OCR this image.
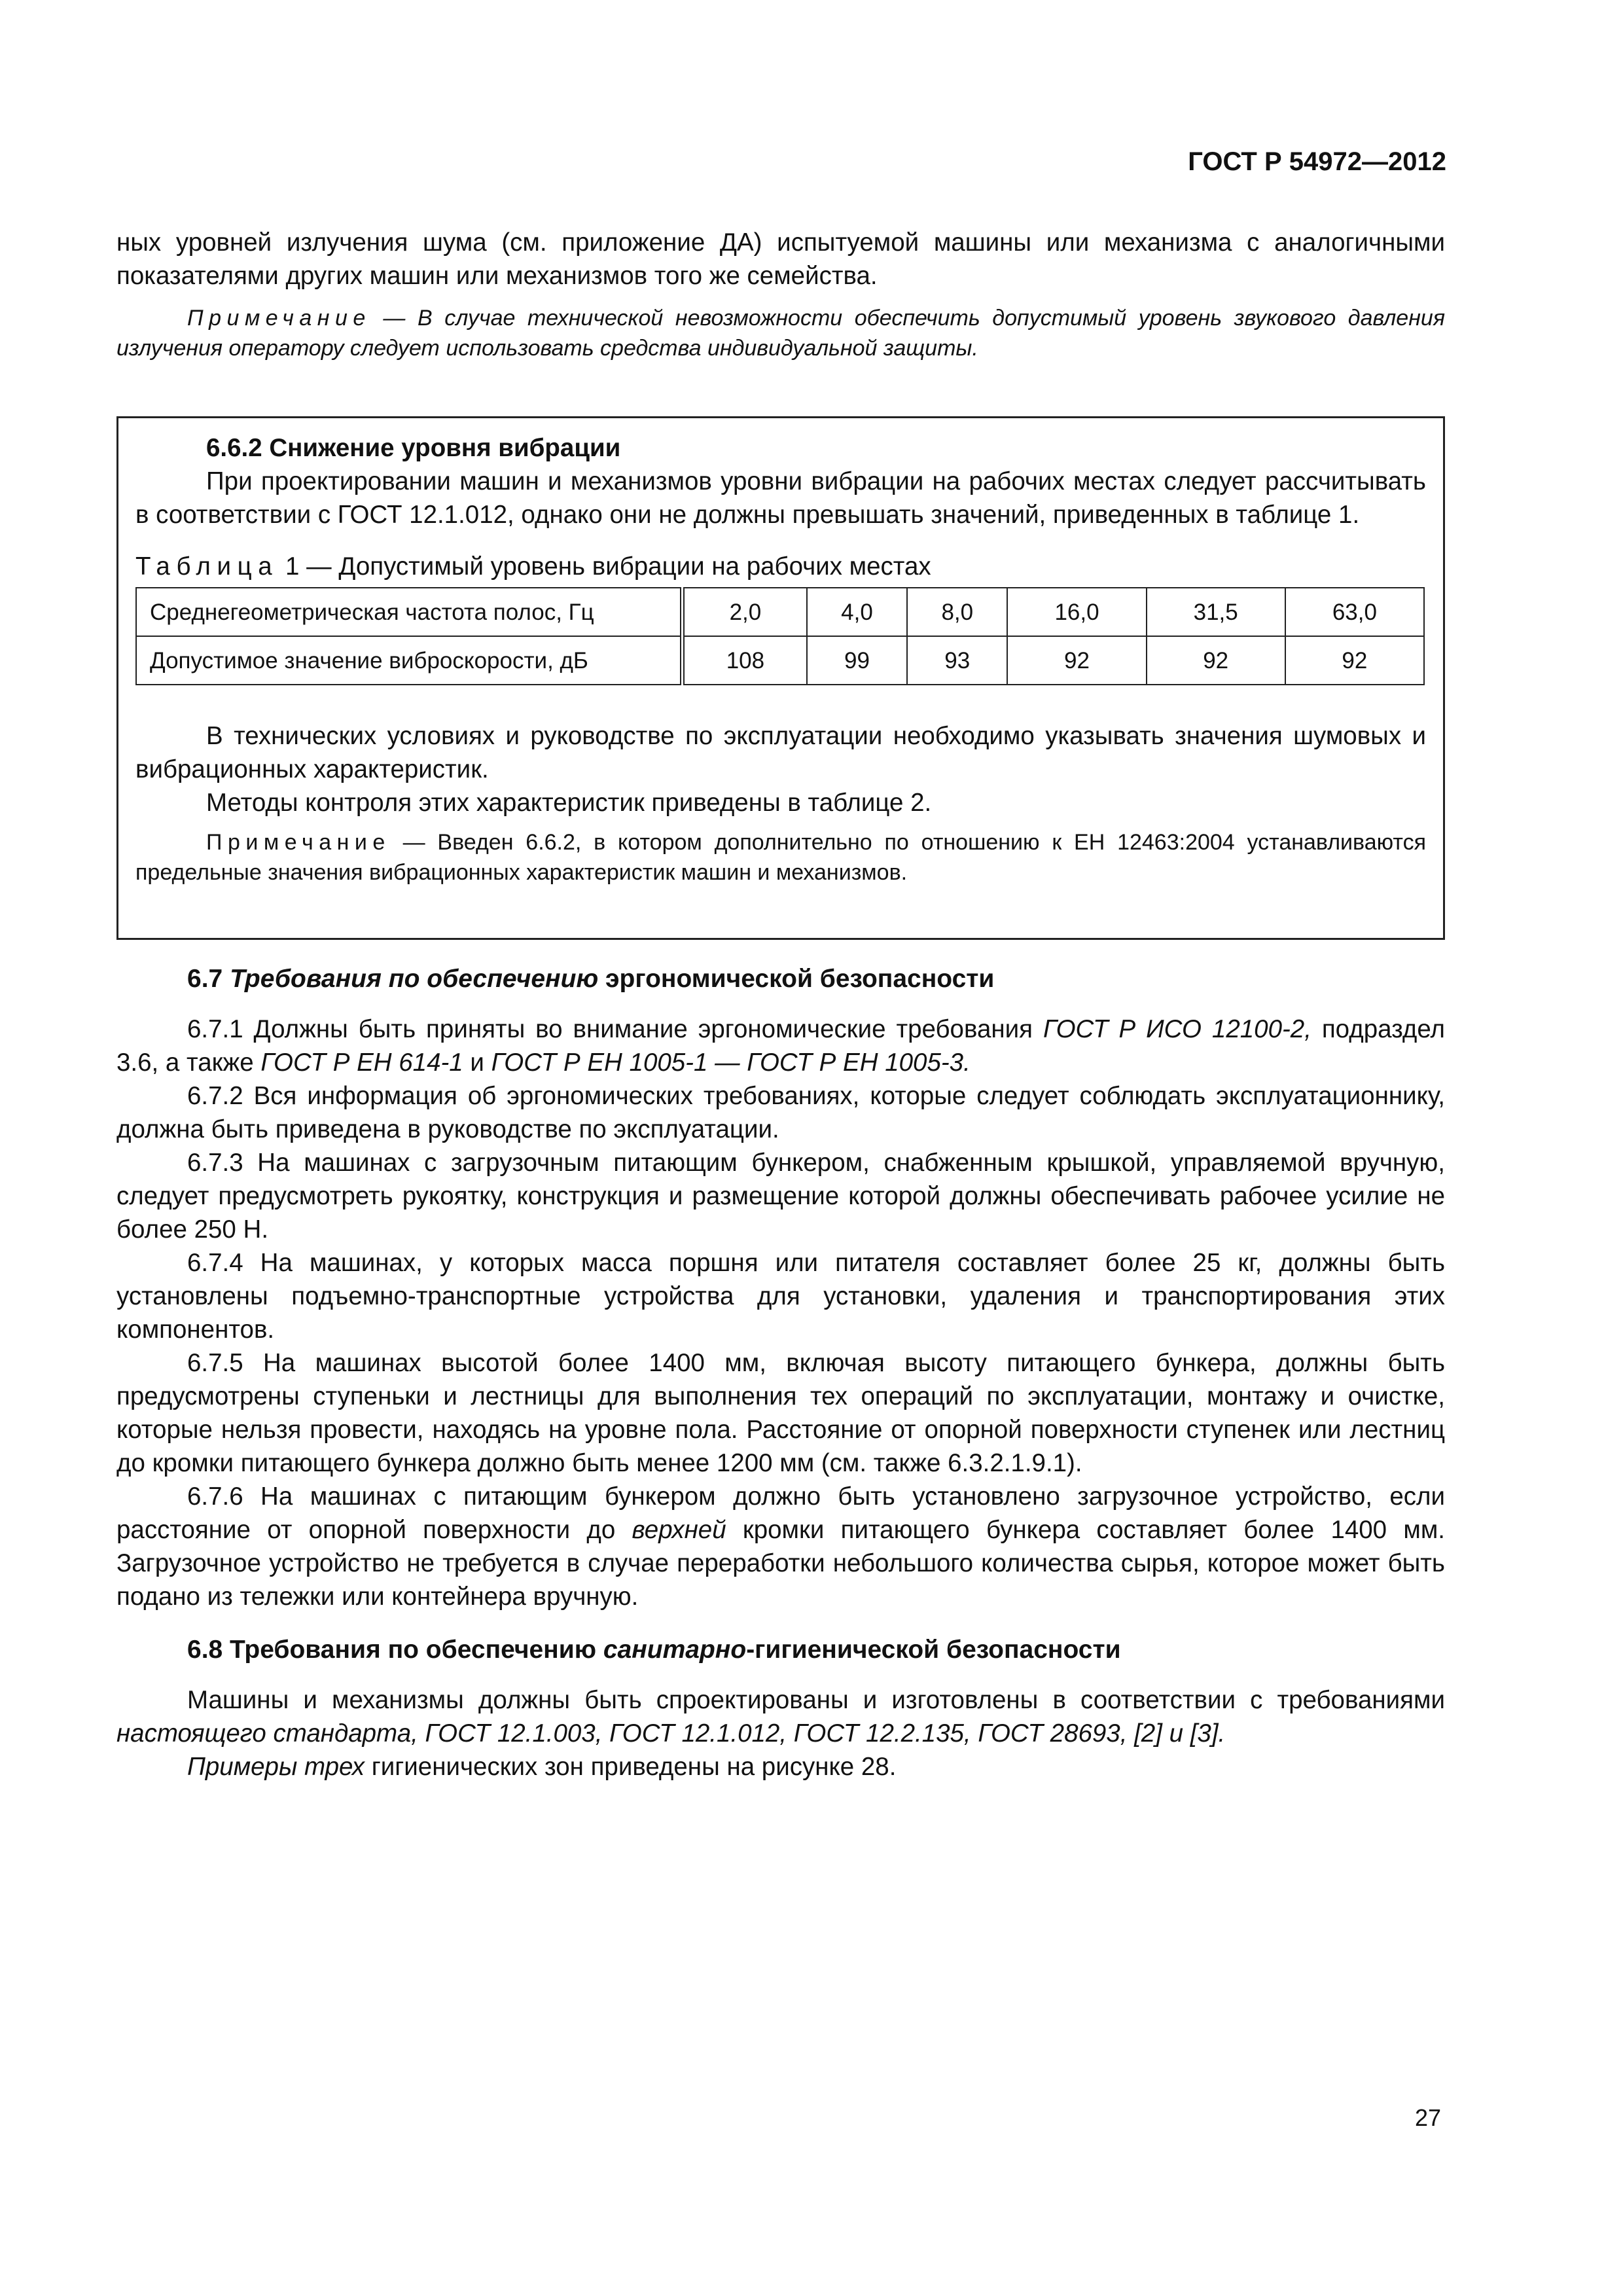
ГОСТ Р 54972—2012

ных уровней излучения шума (см. приложение ДА) испытуемой машины или механизма с аналогичными показателями других машин или механизмов того же семейства.

Примечание — В случае технической невозможности обеспечить допустимый уровень звукового давления излучения оператору следует использовать средства индивидуальной защиты.

6.6.2 Снижение уровня вибрации

При проектировании машин и механизмов уровни вибрации на рабочих местах следует рассчитывать в соответствии с ГОСТ 12.1.012, однако они не должны превышать значений, приведенных в таблице 1.

Таблица 1 — Допустимый уровень вибрации на рабочих местах

Среднегеометрическая частота полос, Гц	2,0	4,0	8,0	16,0	31,5	63,0
Допустимое значение виброскорости, дБ	108	99	93	92	92	92

В технических условиях и руководстве по эксплуатации необходимо указывать значения шумовых и вибрационных характеристик.

Методы контроля этих характеристик приведены в таблице 2.

Примечание — Введен 6.6.2, в котором дополнительно по отношению к ЕН 12463:2004 устанавливаются предельные значения вибрационных характеристик машин и механизмов.

6.7 Требования по обеспечению эргономической безопасности

6.7.1 Должны быть приняты во внимание эргономические требования ГОСТ Р ИСО 12100-2, подраздел 3.6, а также ГОСТ Р ЕН 614-1 и ГОСТ Р ЕН 1005-1 — ГОСТ Р ЕН 1005-3.

6.7.2 Вся информация об эргономических требованиях, которые следует соблюдать эксплуатационнику, должна быть приведена в руководстве по эксплуатации.

6.7.3 На машинах с загрузочным питающим бункером, снабженным крышкой, управляемой вручную, следует предусмотреть рукоятку, конструкция и размещение которой должны обеспечивать рабочее усилие не более 250 Н.

6.7.4 На машинах, у которых масса поршня или питателя составляет более 25 кг, должны быть установлены подъемно-транспортные устройства для установки, удаления и транспортирования этих компонентов.

6.7.5 На машинах высотой более 1400 мм, включая высоту питающего бункера, должны быть предусмотрены ступеньки и лестницы для выполнения тех операций по эксплуатации, монтажу и очистке, которые нельзя провести, находясь на уровне пола. Расстояние от опорной поверхности ступенек или лестниц до кромки питающего бункера должно быть менее 1200 мм (см. также 6.3.2.1.9.1).

6.7.6 На машинах с питающим бункером должно быть установлено загрузочное устройство, если расстояние от опорной поверхности до верхней кромки питающего бункера составляет более 1400 мм. Загрузочное устройство не требуется в случае переработки небольшого количества сырья, которое может быть подано из тележки или контейнера вручную.

6.8 Требования по обеспечению санитарно-гигиенической безопасности

Машины и механизмы должны быть спроектированы и изготовлены в соответствии с требованиями настоящего стандарта, ГОСТ 12.1.003, ГОСТ 12.1.012, ГОСТ 12.2.135, ГОСТ 28693, [2] и [3].

Примеры трех гигиенических зон приведены на рисунке 28.

27
